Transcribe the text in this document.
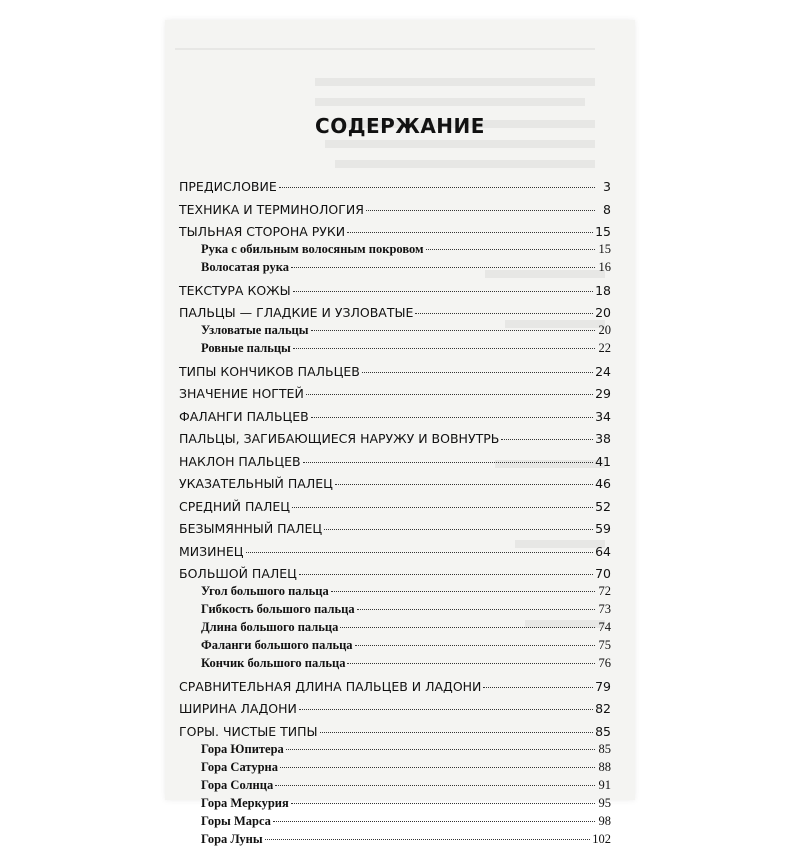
СОДЕРЖАНИЕ
ПРЕДИСЛОВИЕ	3
ТЕХНИКА И ТЕРМИНОЛОГИЯ	8
ТЫЛЬНАЯ СТОРОНА РУКИ	15
Рука с обильным волосяным покровом	15
Волосатая рука	16
ТЕКСТУРА КОЖЫ	18
ПАЛЬЦЫ — ГЛАДКИЕ И УЗЛОВАТЫЕ	20
Узловатые пальцы	20
Ровные пальцы	22
ТИПЫ КОНЧИКОВ ПАЛЬЦЕВ	24
ЗНАЧЕНИЕ НОГТЕЙ	29
ФАЛАНГИ ПАЛЬЦЕВ	34
ПАЛЬЦЫ, ЗАГИБАЮЩИЕСЯ НАРУЖУ И ВОВНУТРЬ	38
НАКЛОН ПАЛЬЦЕВ	41
УКАЗАТЕЛЬНЫЙ ПАЛЕЦ	46
СРЕДНИЙ ПАЛЕЦ	52
БЕЗЫМЯННЫЙ ПАЛЕЦ	59
МИЗИНЕЦ	64
БОЛЬШОЙ ПАЛЕЦ	70
Угол большого пальца	72
Гибкость большого пальца	73
Длина большого пальца	74
Фаланги большого пальца	75
Кончик большого пальца	76
СРАВНИТЕЛЬНАЯ ДЛИНА ПАЛЬЦЕВ И ЛАДОНИ	79
ШИРИНА ЛАДОНИ	82
ГОРЫ. ЧИСТЫЕ ТИПЫ	85
Гора Юпитера	85
Гора Сатурна	88
Гора Солнца	91
Гора Меркурия	95
Горы Марса	98
Гора Луны	102
